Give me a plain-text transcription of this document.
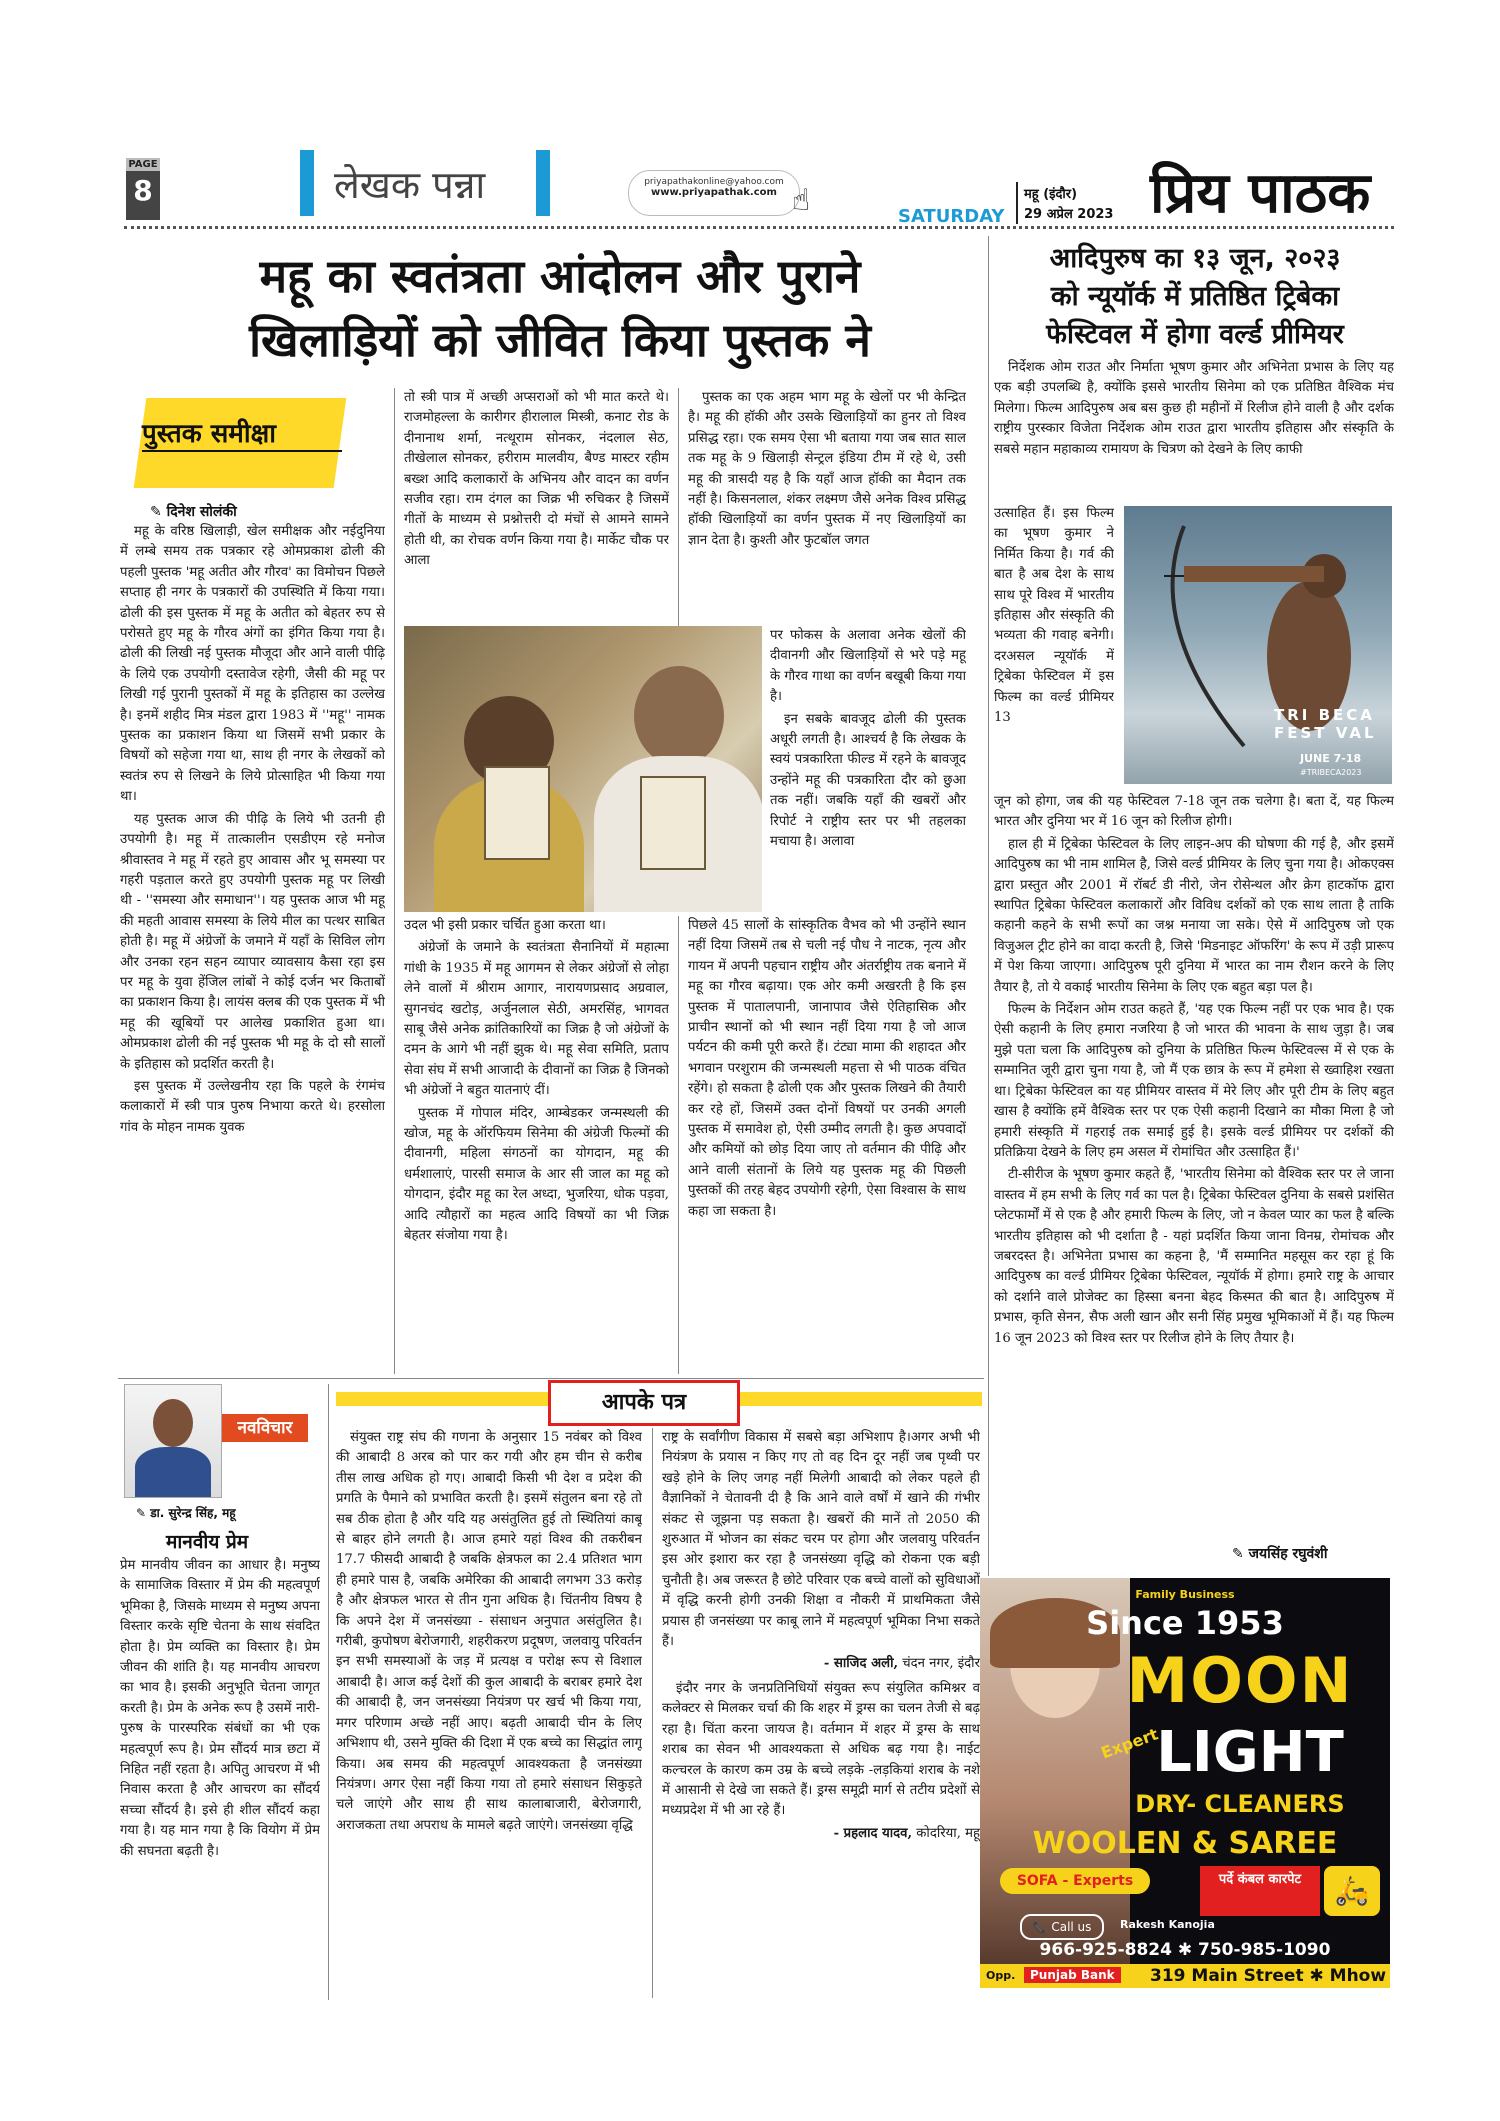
PAGE
8	लेखक पन्ना	priyapathakonline@yahoo.com
www.priyapathak.com ☝	SATURDAY
महू (इंदौर)
29 अप्रेल 2023 प्रिय पाठक
महू का स्वतंत्रता आंदोलन और पुराने
खिलाड़ियों को जीवित किया पुस्तक ने
आदिपुरुष का १३ जून, २०२३
को न्यूयॉर्क में प्रतिष्ठित ट्रिबेका
फेस्टिवल में होगा वर्ल्ड प्रीमियर
पुस्तक समीक्षा
✎ दिनेश सोलंकी

महू के वरिष्ठ खिलाड़ी, खेल समीक्षक और नईदुनिया में लम्बे समय तक पत्रकार रहे ओमप्रकाश ढोली की पहली पुस्तक 'महू अतीत और गौरव' का विमोचन पिछले सप्ताह ही नगर के पत्रकारों की उपस्थिति में किया गया। ढोली की इस पुस्तक में महू के अतीत को बेहतर रुप से परोसते हुए महू के गौरव अंगों का इंगित किया गया है। ढोली की लिखी नई पुस्तक मौजूदा और आने वाली पीढ़ि के लिये एक उपयोगी दस्तावेज रहेगी, जैसी की महू पर लिखी गई पुरानी पुस्तकों में महू के इतिहास का उल्लेख है। इनमें शहीद मित्र मंडल द्वारा 1983 में ''महू'' नामक पुस्तक का प्रकाशन किया था जिसमें सभी प्रकार के विषयों को सहेजा गया था, साथ ही नगर के लेखकों को स्वतंत्र रुप से लिखने के लिये प्रोत्साहित भी किया गया था।

यह पुस्तक आज की पीढ़ि के लिये भी उतनी ही उपयोगी है। महू में तात्कालीन एसडीएम रहे मनोज श्रीवास्तव ने महू में रहते हुए आवास और भू समस्या पर गहरी पड़ताल करते हुए उपयोगी पुस्तक महू पर लिखी थी - ''समस्या और समाधान''। यह पुस्तक आज भी महू की महती आवास समस्या के लिये मील का पत्थर साबित होती है। महू में अंग्रेजों के जमाने में यहाँ के सिविल लोग और उनका रहन सहन व्यापार व्यावसाय कैसा रहा इस पर महू के युवा हेंजिल लांबों ने कोई दर्जन भर किताबों का प्रकाशन किया है। लायंस क्लब की एक पुस्तक में भी महू की खूबियों पर आलेख प्रकाशित हुआ था। ओमप्रकाश ढोली की नई पुस्तक भी महू के दो सौ सालों के इतिहास को प्रदर्शित करती है।

इस पुस्तक में उल्लेखनीय रहा कि पहले के रंगमंच कलाकारों में स्त्री पात्र पुरुष निभाया करते थे। हरसोला गांव के मोहन नामक युवक

तो स्त्री पात्र में अच्छी अप्सराओं को भी मात करते थे। राजमोहल्ला के कारीगर हीरालाल मिस्त्री, कनाट रोड के दीनानाथ शर्मा, नत्थूराम सोनकर, नंदलाल सेठ, तीखेलाल सोनकर, हरीराम मालवीय, बैण्ड मास्टर रहीम बख्श आदि कलाकारों के अभिनय और वादन का वर्णन सजीव रहा। राम दंगल का जिक्र भी रुचिकर है जिसमें गीतों के माध्यम से प्रश्नोत्तरी दो मंचों से आमने सामने होती थी, का रोचक वर्णन किया गया है। मार्केट चौक पर आला

उदल भी इसी प्रकार चर्चित हुआ करता था।

अंग्रेजों के जमाने के स्वतंत्रता सैनानियों में महात्मा गांधी के 1935 में महू आगमन से लेकर अंग्रेजों से लोहा लेने वालों में श्रीराम आगार, नारायणप्रसाद अग्रवाल, सुगनचंद खटोड़, अर्जुनलाल सेठी, अमरसिंह, भागवत साबू जैसे अनेक क्रांतिकारियों का जिक्र है जो अंग्रेजों के दमन के आगे भी नहीं झुक थे। महू सेवा समिति, प्रताप सेवा संघ में सभी आजादी के दीवानों का जिक्र है जिनको भी अंग्रेजों ने बहुत यातनाएं दीं।

पुस्तक में गोपाल मंदिर, आम्बेडकर जन्मस्थली की खोज, महू के ऑरफियम सिनेमा की अंग्रेजी फिल्मों की दीवानगी, महिला संगठनों का योगदान, महू की धर्मशालाएं, पारसी समाज के आर सी जाल का महू को योगदान, इंदौर महू का रेल अध्दा, भुजरिया, धोक पड़वा, आदि त्यौहारों का महत्व आदि विषयों का भी जिक्र बेहतर संजोया गया है।

पुस्तक का एक अहम भाग महू के खेलों पर भी केन्द्रित है। महू की हॉकी और उसके खिलाड़ियों का हुनर तो विश्व प्रसिद्ध रहा। एक समय ऐसा भी बताया गया जब सात साल तक महू के 9 खिलाड़ी सेन्ट्रल इंडिया टीम में रहे थे, उसी महू की त्रासदी यह है कि यहाँ आज हॉकी का मैदान तक नहीं है। किसनलाल, शंकर लक्ष्मण जैसे अनेक विश्व प्रसिद्ध हॉकी खिलाड़ियों का वर्णन पुस्तक में नए खिलाड़ियों का ज्ञान देता है। कुश्ती और फुटबॉल जगत

पर फोकस के अलावा अनेक खेलों की दीवानगी और खिलाड़ियों से भरे पड़े महू के गौरव गाथा का वर्णन बखूबी किया गया है।

इन सबके बावजूद ढोली की पुस्तक अधूरी लगती है। आश्चर्य है कि लेखक के स्वयं पत्रकारिता फील्ड में रहने के बावजूद उन्होंने महू की पत्रकारिता दौर को छुआ तक नहीं। जबकि यहाँ की खबरों और रिपोर्ट ने राष्ट्रीय स्तर पर भी तहलका मचाया है। अलावा

पिछले 45 सालों के सांस्कृतिक वैभव को भी उन्होंने स्थान नहीं दिया जिसमें तब से चली नई पौध ने नाटक, नृत्य और गायन में अपनी पहचान राष्ट्रीय और अंतर्राष्ट्रीय तक बनाने में महू का गौरव बढ़ाया। एक ओर कमी अखरती है कि इस पुस्तक में पातालपानी, जानापाव जैसे ऐतिहासिक और प्राचीन स्थानों को भी स्थान नहीं दिया गया है जो आज पर्यटन की कमी पूरी करते हैं। टंट्या मामा की शहादत और भगवान परशुराम की जन्मस्थली महत्ता से भी पाठक वंचित रहेंगे। हो सकता है ढोली एक और पुस्तक लिखने की तैयारी कर रहे हों, जिसमें उक्त दोनों विषयों पर उनकी अगली पुस्तक में समावेश हो, ऐसी उम्मीद लगती है। कुछ अपवादों और कमियों को छोड़ दिया जाए तो वर्तमान की पीढ़ि और आने वाली संतानों के लिये यह पुस्तक महू की पिछली पुस्तकों की तरह बेहद उपयोगी रहेगी, ऐसा विश्वास के साथ कहा जा सकता है।

निर्देशक ओम राउत और निर्माता भूषण कुमार और अभिनेता प्रभास के लिए यह एक बड़ी उपलब्धि है, क्योंकि इससे भारतीय सिनेमा को एक प्रतिष्ठित वैश्विक मंच मिलेगा। फिल्म आदिपुरुष अब बस कुछ ही महीनों में रिलीज होने वाली है और दर्शक राष्ट्रीय पुरस्कार विजेता निर्देशक ओम राउत द्वारा भारतीय इतिहास और संस्कृति के सबसे महान महाकाव्य रामायण के चित्रण को देखने के लिए काफी

उत्साहित हैं। इस फिल्म का भूषण कुमार ने निर्मित किया है। गर्व की बात है अब देश के साथ साथ पूरे विश्व में भारतीय इतिहास और संस्कृति की भव्यता की गवाह बनेगी। दरअसल न्यूयॉर्क में ट्रिबेका फेस्टिवल में इस फिल्म का वर्ल्ड प्रीमियर 13	TRI BECA
FEST VAL
JUNE 7-18
#TRIBECA2023

जून को होगा, जब की यह फेस्टिवल 7-18 जून तक चलेगा है। बता दें, यह फिल्म भारत और दुनिया भर में 16 जून को रिलीज होगी।

हाल ही में ट्रिबेका फेस्टिवल के लिए लाइन-अप की घोषणा की गई है, और इसमें आदिपुरुष का भी नाम शामिल है, जिसे वर्ल्ड प्रीमियर के लिए चुना गया है। ओकएक्स द्वारा प्रस्तुत और 2001 में रॉबर्ट डी नीरो, जेन रोसेन्थल और क्रेग हाटकॉफ द्वारा स्थापित ट्रिबेका फेस्टिवल कलाकारों और विविध दर्शकों को एक साथ लाता है ताकि कहानी कहने के सभी रूपों का जश्न मनाया जा सके। ऐसे में आदिपुरुष जो एक विजुअल ट्रीट होने का वादा करती है, जिसे 'मिडनाइट ऑफरिंग' के रूप में उड़ी प्रारूप में पेश किया जाएगा। आदिपुरुष पूरी दुनिया में भारत का नाम रौशन करने के लिए तैयार है, तो ये वकाई भारतीय सिनेमा के लिए एक बहुत बड़ा पल है।

फिल्म के निर्देशन ओम राउत कहते हैं, 'यह एक फिल्म नहीं पर एक भाव है। एक ऐसी कहानी के लिए हमारा नजरिया है जो भारत की भावना के साथ जुड़ा है। जब मुझे पता चला कि आदिपुरुष को दुनिया के प्रतिष्ठित फिल्म फेस्टिवल्स में से एक के सम्मानित जूरी द्वारा चुना गया है, जो मैं एक छात्र के रूप में हमेशा से ख्वाहिश रखता था। ट्रिबेका फेस्टिवल का यह प्रीमियर वास्तव में मेरे लिए और पूरी टीम के लिए बहुत खास है क्योंकि हमें वैश्विक स्तर पर एक ऐसी कहानी दिखाने का मौका मिला है जो हमारी संस्कृति में गहराई तक समाई हुई है। इसके वर्ल्ड प्रीमियर पर दर्शकों की प्रतिक्रिया देखने के लिए हम असल में रोमांचित और उत्साहित हैं।'

टी-सीरीज के भूषण कुमार कहते हैं, 'भारतीय सिनेमा को वैश्विक स्तर पर ले जाना वास्तव में हम सभी के लिए गर्व का पल है। ट्रिबेका फेस्टिवल दुनिया के सबसे प्रशंसित प्लेटफार्मों में से एक है और हमारी फिल्म के लिए, जो न केवल प्यार का फल है बल्कि भारतीय इतिहास को भी दर्शाता है - यहां प्रदर्शित किया जाना विनम्र, रोमांचक और जबरदस्त है। अभिनेता प्रभास का कहना है, 'मैं सम्मानित महसूस कर रहा हूं कि आदिपुरुष का वर्ल्ड प्रीमियर ट्रिबेका फेस्टिवल, न्यूयॉर्क में होगा। हमारे राष्ट्र के आचार को दर्शाने वाले प्रोजेक्ट का हिस्सा बनना बेहद किस्मत की बात है। आदिपुरुष में प्रभास, कृति सेनन, सैफ अली खान और सनी सिंह प्रमुख भूमिकाओं में हैं। यह फिल्म 16 जून 2023 को विश्व स्तर पर रिलीज होने के लिए तैयार है।

✎ जयसिंह रघुवंशी
नवविचार
✎ डा. सुरेन्द्र सिंह, महू
मानवीय प्रेम

प्रेम मानवीय जीवन का आधार है। मनुष्य के सामाजिक विस्तार में प्रेम की महत्वपूर्ण भूमिका है, जिसके माध्यम से मनुष्य अपना विस्तार करके सृष्टि चेतना के साथ संवदित होता है। प्रेम व्यक्ति का विस्तार है। प्रेम जीवन की शांति है। यह मानवीय आचरण का भाव है। इसकी अनुभूति चेतना जागृत करती है। प्रेम के अनेक रूप है उसमें नारी-पुरुष के पारस्परिक संबंधों का भी एक महत्वपूर्ण रूप है। प्रेम सौंदर्य मात्र छटा में निहित नहीं रहता है। अपितु आचरण में भी निवास करता है और आचरण का सौंदर्य सच्चा सौंदर्य है। इसे ही शील सौंदर्य कहा गया है। यह मान गया है कि वियोग में प्रेम की सघनता बढ़ती है।

आपके पत्र

संयुक्त राष्ट्र संघ की गणना के अनुसार 15 नवंबर को विश्व की आबादी 8 अरब को पार कर गयी और हम चीन से करीब तीस लाख अधिक हो गए। आबादी किसी भी देश व प्रदेश की प्रगति के पैमाने को प्रभावित करती है। इसमें संतुलन बना रहे तो सब ठीक होता है और यदि यह असंतुलित हुई तो स्थितियां काबू से बाहर होने लगती है। आज हमारे यहां विश्व की तकरीबन 17.7 फीसदी आबादी है जबकि क्षेत्रफल का 2.4 प्रतिशत भाग ही हमारे पास है, जबकि अमेरिका की आबादी लगभग 33 करोड़ है और क्षेत्रफल भारत से तीन गुना अधिक है। चिंतनीय विषय है कि अपने देश में जनसंख्या - संसाधन अनुपात असंतुलित है। गरीबी, कुपोषण बेरोजगारी, शहरीकरण प्रदूषण, जलवायु परिवर्तन इन सभी समस्याओं के जड़ में प्रत्यक्ष व परोक्ष रूप से विशाल आबादी है। आज कई देशों की कुल आबादी के बराबर हमारे देश की आबादी है, जन जनसंख्या नियंत्रण पर खर्च भी किया गया, मगर परिणाम अच्छे नहीं आए। बढ़ती आबादी चीन के लिए अभिशाप थी, उसने मुक्ति की दिशा में एक बच्चे का सिद्धांत लागू किया। अब समय की महत्वपूर्ण आवश्यकता है जनसंख्या नियंत्रण। अगर ऐसा नहीं किया गया तो हमारे संसाधन सिकुड़ते चले जाएंगे और साथ ही साथ कालाबाजारी, बेरोजगारी, अराजकता तथा अपराध के मामले बढ़ते जाएंगे। जनसंख्या वृद्धि

राष्ट्र के सर्वांगीण विकास में सबसे बड़ा अभिशाप है।अगर अभी भी नियंत्रण के प्रयास न किए गए तो वह दिन दूर नहीं जब पृथ्वी पर खड़े होने के लिए जगह नहीं मिलेगी आबादी को लेकर पहले ही वैज्ञानिकों ने चेतावनी दी है कि आने वाले वर्षों में खाने की गंभीर संकट से जूझना पड़ सकता है। खबरों की मानें तो 2050 की शुरुआत में भोजन का संकट चरम पर होगा और जलवायु परिवर्तन इस ओर इशारा कर रहा है जनसंख्या वृद्धि को रोकना एक बड़ी चुनौती है। अब जरूरत है छोटे परिवार एक बच्चे वालों को सुविधाओं में वृद्धि करनी होगी उनकी शिक्षा व नौकरी में प्राथमिकता जैसे प्रयास ही जनसंख्या पर काबू लाने में महत्वपूर्ण भूमिका निभा सकते हैं।

- साजिद अली, चंदन नगर, इंदौर

इंदौर नगर के जनप्रतिनिधियों संयुक्त रूप संयुलित कमिश्नर व कलेक्टर से मिलकर चर्चा की कि शहर में ड्रग्स का चलन तेजी से बढ़ रहा है। चिंता करना जायज है। वर्तमान में शहर में ड्रग्स के साथ शराब का सेवन भी आवश्यकता से अधिक बढ़ गया है। नाईट कल्चरल के कारण कम उम्र के बच्चे लड़के -लड़कियां शराब के नशे में आसानी से देखे जा सकते हैं। ड्रग्स समूद्री मार्ग से तटीय प्रदेशों से मध्यप्रदेश में भी आ रहे हैं।

- प्रहलाद यादव, कोदरिया, महू

Family Business
Since 1953
MOON
LIGHT
Expert
DRY- CLEANERS
WOOLEN & SAREE
SOFA - Experts	पर्दे कंबल कारपेट	🛵
📞 Call us	Rakesh Kanojia
966-925-8824 ✱ 750-985-1090
Opp.	Punjab Bank	319 Main Street ✱ Mhow
